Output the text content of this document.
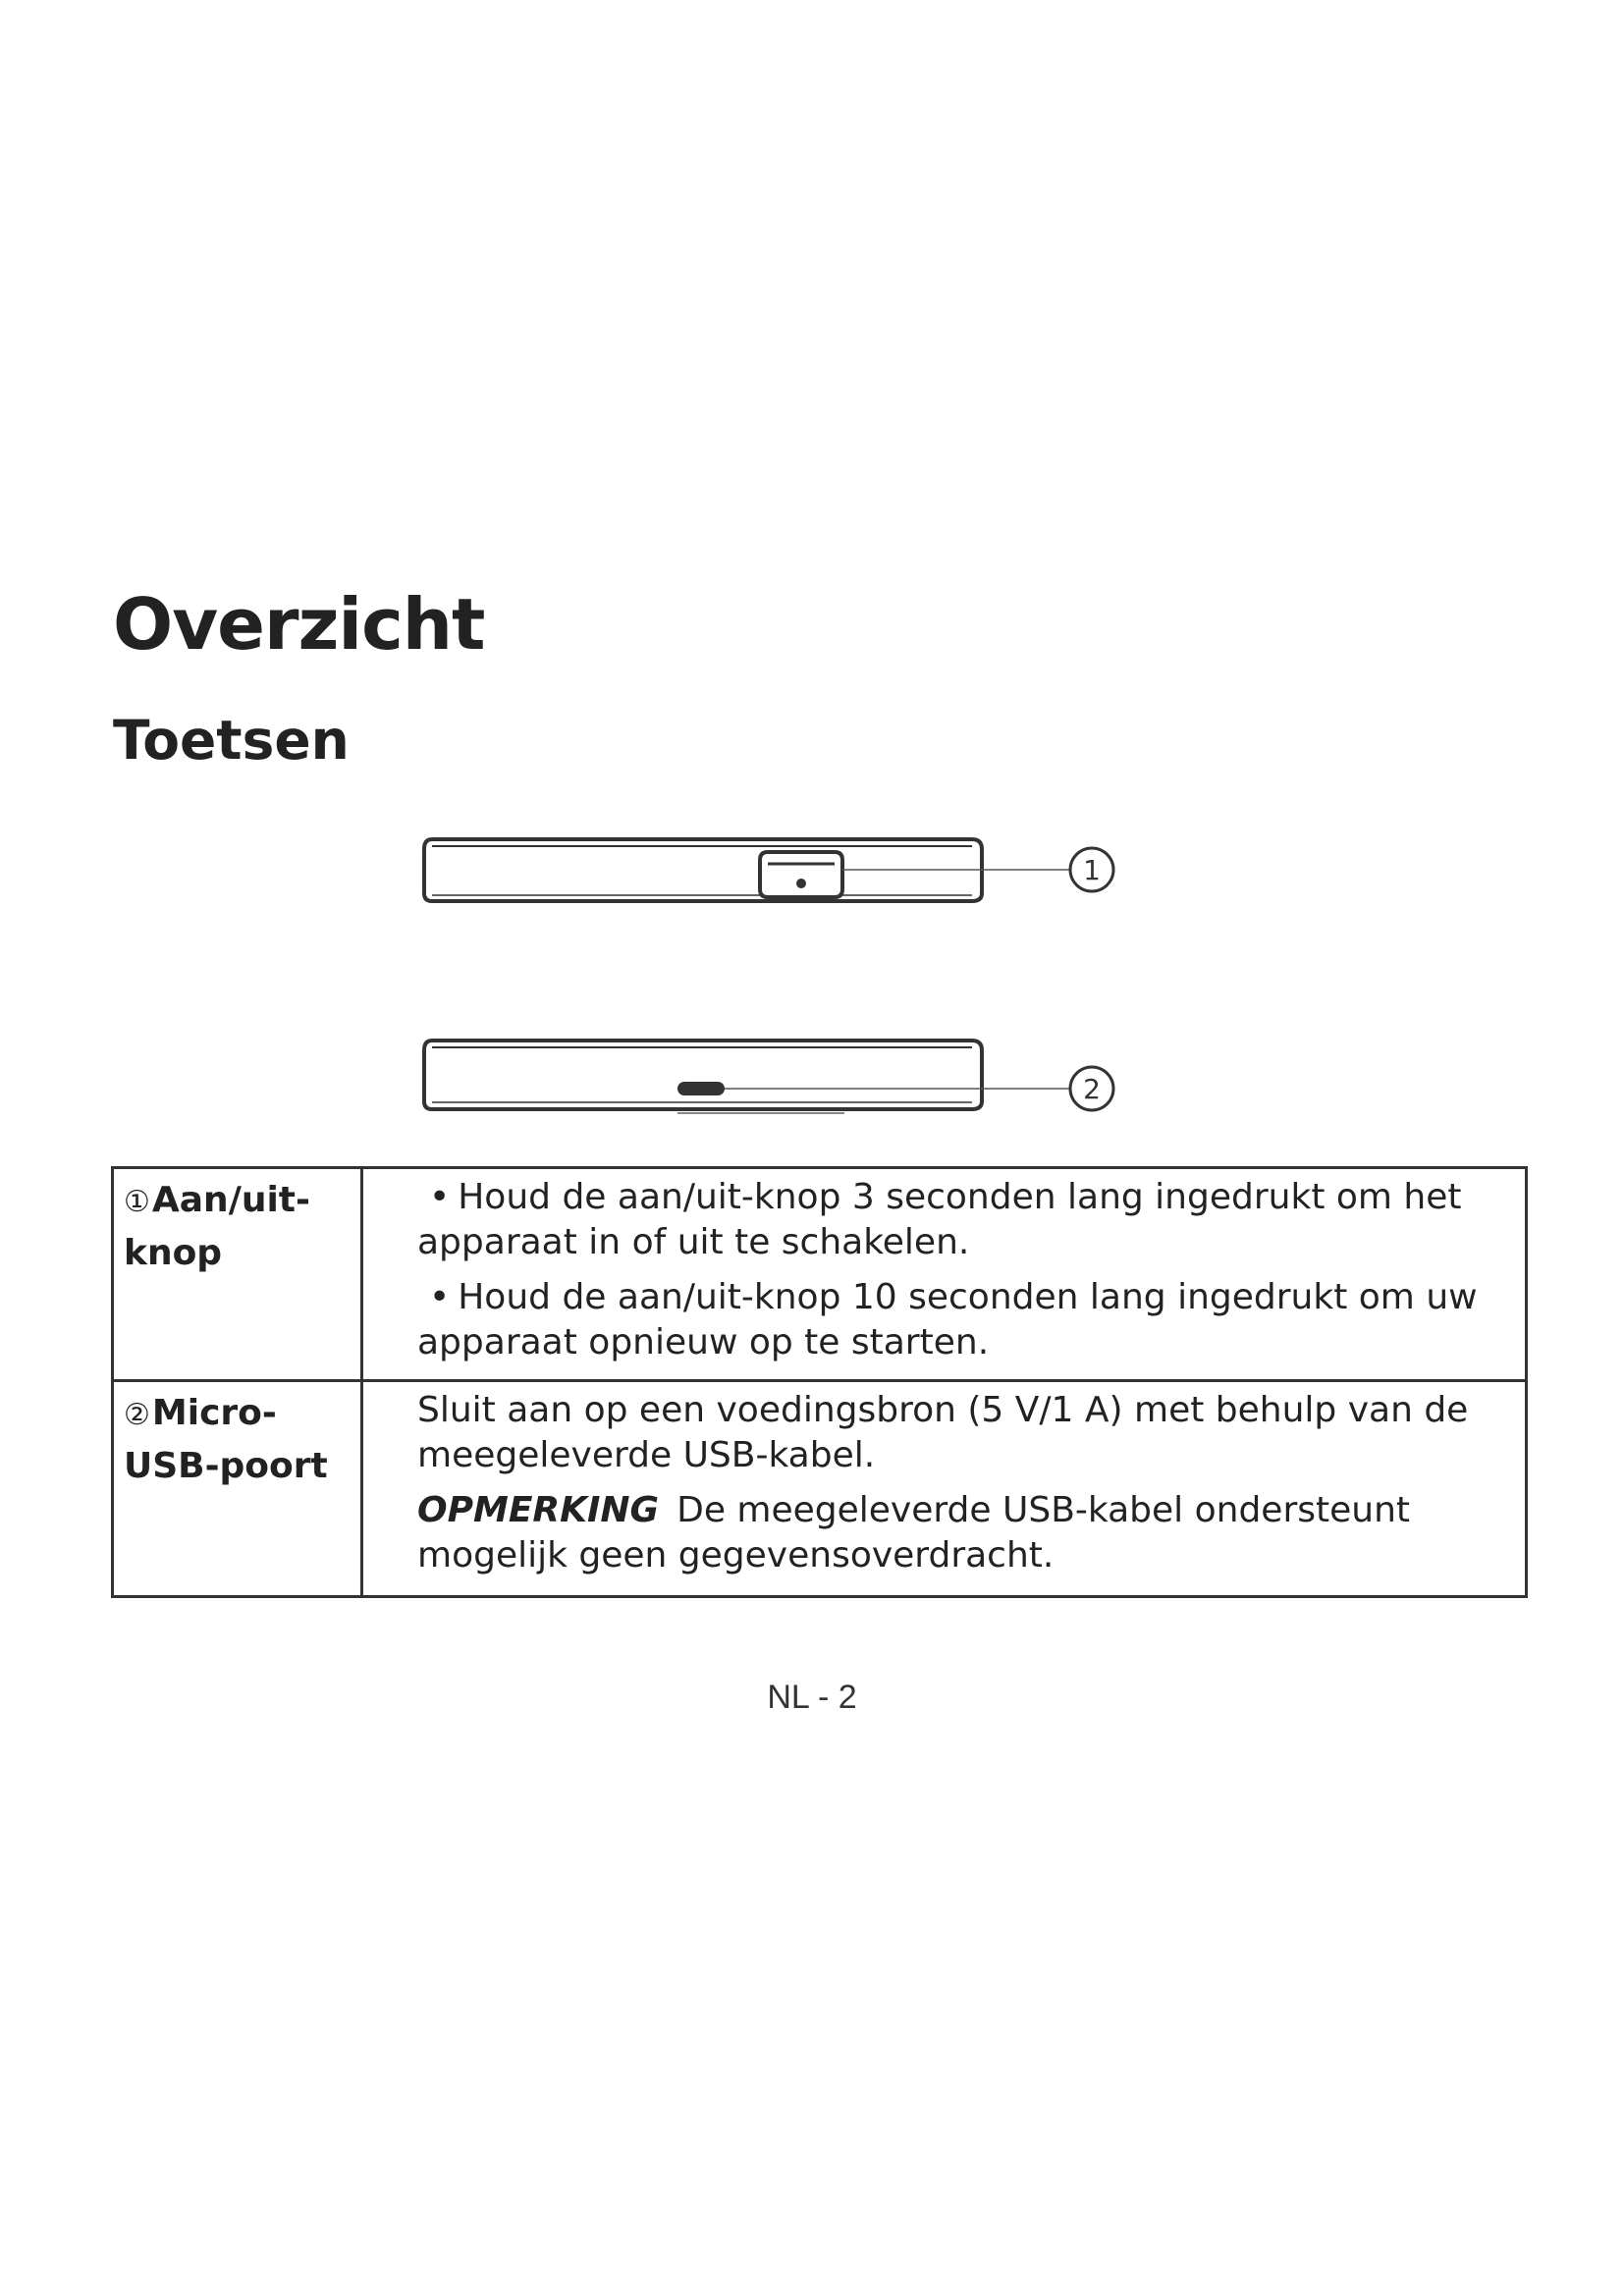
Overzicht
Toetsen
1
2
①Aan/uit-knop	• Houd de aan/uit-knop 3 seconden lang ingedrukt om het apparaat in of uit te schakelen.

• Houd de aan/uit-knop 10 seconden lang ingedrukt om uw apparaat opnieuw op te starten.

②Micro-USB-poort	Sluit aan op een voedingsbron (5 V/1 A) met behulp van de meegeleverde USB-kabel.

OPMERKING De meegeleverde USB-kabel ondersteunt mogelijk geen gegevensoverdracht.

NL - 2
